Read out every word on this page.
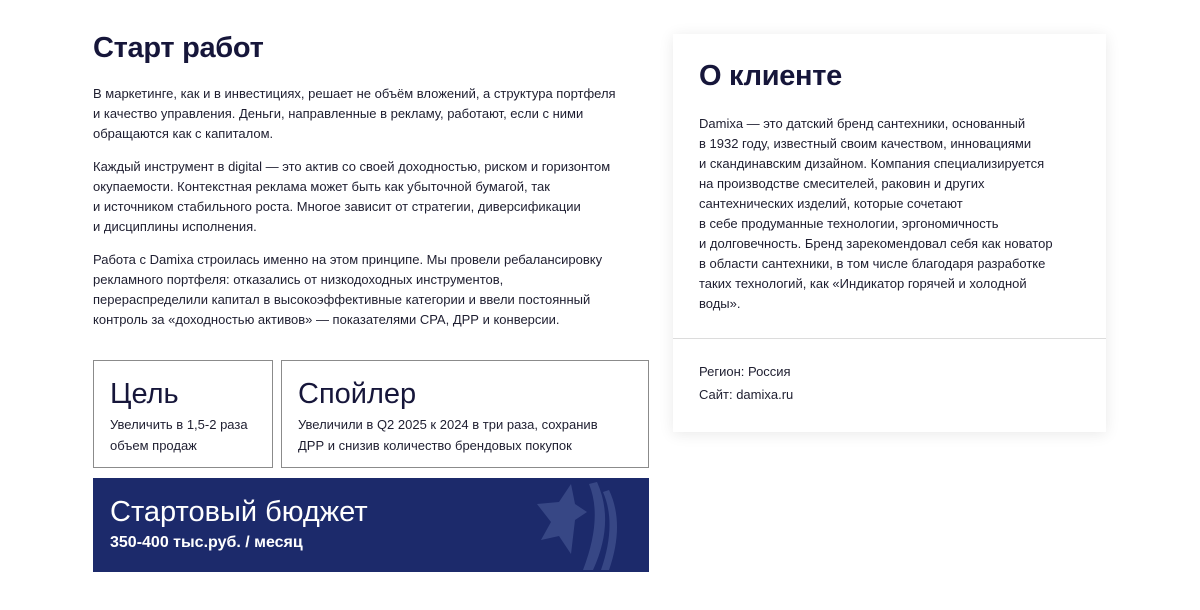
Старт работ

В маркетинге, как и в инвестициях, решает не объём вложений, а структура портфеля
и качество управления. Деньги, направленные в рекламу, работают, если с ними
обращаются как с капиталом.

Каждый инструмент в digital — это актив со своей доходностью, риском и горизонтом
окупаемости. Контекстная реклама может быть как убыточной бумагой, так
и источником стабильного роста. Многое зависит от стратегии, диверсификации
и дисциплины исполнения.

Работа с Damixa строилась именно на этом принципе. Мы провели ребалансировку
рекламного портфеля: отказались от низкодоходных инструментов,
перераспределили капитал в высокоэффективные категории и ввели постоянный
контроль за «доходностью активов» — показателями CPA, ДРР и конверсии.

Цель
Увеличить в 1,5-2 раза
объем продаж
Спойлер
Увеличили в Q2 2025 к 2024 в три раза, сохранив
ДРР и снизив количество брендовых покупок
Стартовый бюджет
350-400 тыс.руб. / месяц
О клиенте
Damixa — это датский бренд сантехники, основанный
в 1932 году, известный своим качеством, инновациями
и скандинавским дизайном. Компания специализируется
на производстве смесителей, раковин и других
сантехнических изделий, которые сочетают
в себе продуманные технологии, эргономичность
и долговечность. Бренд зарекомендовал себя как новатор
в области сантехники, в том числе благодаря разработке
таких технологий, как «Индикатор горячей и холодной
воды».
Регион: Россия
Сайт: damixa.ru
